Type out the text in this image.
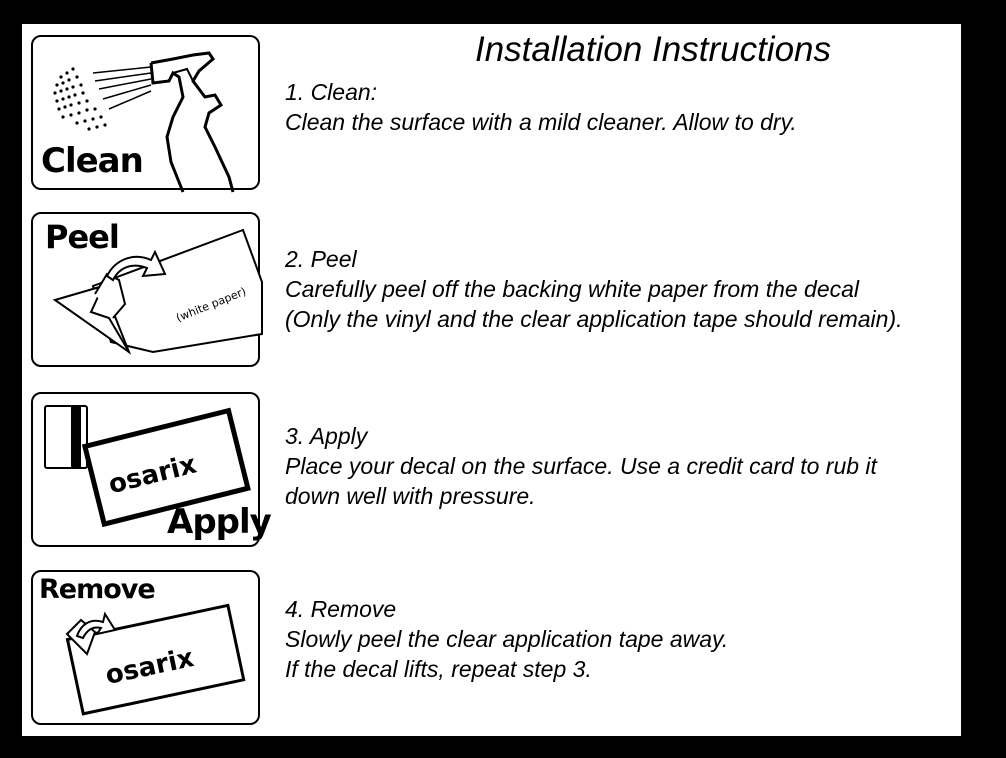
Installation Instructions
Clean
(white paper)
Peel
osarix
Apply
osarix
Remove
1. Clean:
Clean the surface with a mild cleaner. Allow to dry.
2. Peel
Carefully peel off the backing white paper from the decal
(Only the vinyl and the clear application tape should remain).
3. Apply
Place your decal on the surface. Use a credit card to rub it
down well with pressure.
4. Remove
Slowly peel the clear application tape away.
If the decal lifts, repeat step 3.
